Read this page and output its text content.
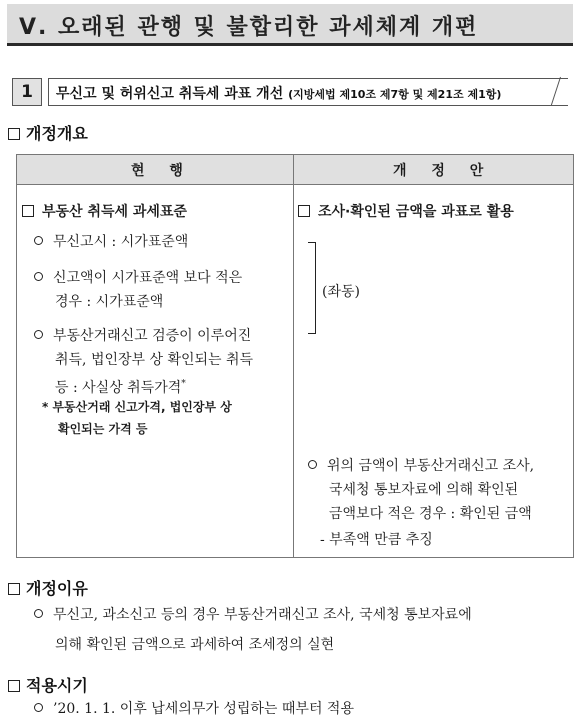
Ⅴ. 오래된 관행 및 불합리한 과세체계 개편
1	무신고 및 허위신고 취득세 과표 개선 (지방세법 제10조 제7항 및 제21조 제1항)
개정개요
현 행	개 정 안
부동산 취득세 과세표준
무신고시 : 시가표준액
신고액이 시가표준액 보다 적은
경우 : 시가표준액
부동산거래신고 검증이 이루어진
취득, 법인장부 상 확인되는 취득
등 : 사실상 취득가격*
* 부동산거래 신고가격, 법인장부 상
확인되는 가격 등
조사·확인된 금액을 과표로 활용
(좌동)
위의 금액이 부동산거래신고 조사,
국세청 통보자료에 의해 확인된
금액보다 적은 경우 : 확인된 금액
- 부족액 만큼 추징
개정이유
무신고, 과소신고 등의 경우 부동산거래신고 조사, 국세청 통보자료에
의해 확인된 금액으로 과세하여 조세정의 실현
적용시기
’20. 1. 1. 이후 납세의무가 성립하는 때부터 적용
